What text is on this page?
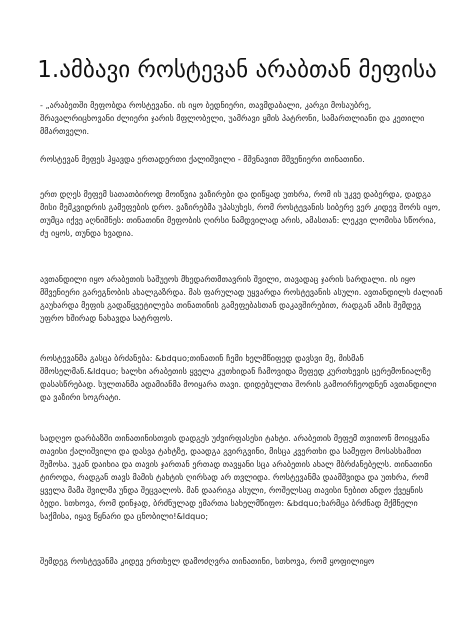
1.ამბავი როსტევან არაბთან მეფისა

- „არაბეთში მეფობდა როსტევანი. ის იყო ბედნიერი, თავმდაბალი, კარგი მოსაუბრე, შრავალრიცხოვანი ძლიერი ჯარის მფლობელი, უამრავი ყმის პატრონი, სამართლიანი და კეთილი მმართველი.

როსტევან მეფეს ჰყავდა ერთადერთი ქალიშვილი - მშვნავით მშვენიერი თინათინი.

ერთ დღეს მეფემ სათათბიროდ მოიწვია ვაზირები და დიწყად უთხრა, რომ ის უკვე დაბერდა, დადგა მისი მემკვიდრის გამეფების დრო. ვაზირებმა უპასუხეს, რომ როსტევანის სიბერე ვერ კიდევ შორს იყო, თუმცა იქვე აღნიშნეს: თინათინი მეფობის ღირსი ნამდვილად არის, ამასთან: ლეკვი ლომისა სწორია, ძუ იყოს, თუნდა ხვადია.

ავთანდილი იყო არაბეთის საშუეოს მხედართმთავრის შვილი, თავადაც ჯარის სარდალი. ის იყო მშვენიერი გარეგნობის ახალგაზრდა. მას ფარულად უყვარდა როსტევანის ასული. ავთანდილს ძალიან გაუხარდა მეფის გადაწყვეტილება თინათინის გამეფებასთან დაკავშირებით, რადგან ამის შემდეგ უფრო ხშირად ნახავდა სატრფოს.

როსტევანმა გასცა ბრძანება: &bdquo;თინათინ ჩემი ხელმწიფედ დავსვი მე, მისმან შმოსელმან.&ldquo; ხალხი არაბეთის ყველა კუთხიდან ჩამოვიდა მეფედ კურთხევის ცერემონიალზე დასასწრებად. სულთანმა ადამიანმა მოიყარა თავი. დიდებულთა შორის გამოირჩეოდნენ ავთანდილი და ვაზირი სოგრატი.

სადღეო დარბაზში თინათინისთვის დადგეს უძვირფასესი ტახტი. არაბეთის მეფემ თვითონ მოიყვანა თავისი ქალიშვილი და დასვა ტახტზე, დაადგა გვირგვინი, მისცა კვერთხი და სამეფო მოსასხამით შემოსა. უკან დაიხია და თავის ჯართან ერთად თავყანი სცა არაბეთის ახალ მბრძანებელს. თინათინი ტიროდა, რადგან თავს მამის ტახტის ღირსად არ თვლიდა. როსტევანმა დაამშვიდა და უთხრა, რომ ყველა მამა შვილმა უნდა შეცვალოს. მან დაარიგა ასული, როშელსაც თავისი ნებით ანდო ქვეყნის ბედი. სთხოვა, რომ დინჯად, ბრძნულად ემართა სახელმწიფო: &bdquo;ხარმცა ბრძნად მქმნელი საქმისა, იყავ წყნარი და ცნობილი!&ldquo;

შემდეგ როსტევანმა კიდევ ერთხელ დამოძღვრა თინათინი, სთხოვა, რომ ყოფილიყო
